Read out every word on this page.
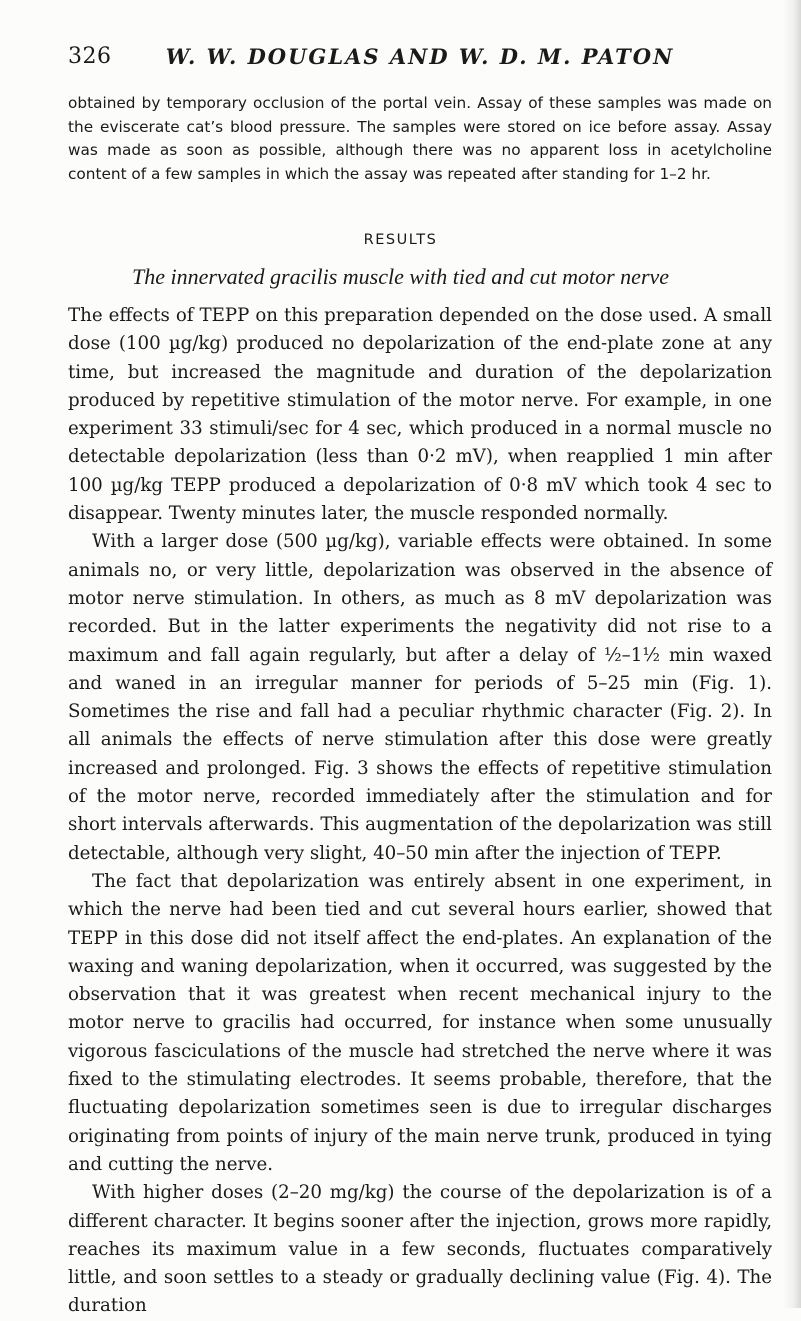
326	W. W. DOUGLAS AND W. D. M. PATON
obtained by temporary occlusion of the portal vein. Assay of these samples was made on the eviscerate cat’s blood pressure. The samples were stored on ice before assay. Assay was made as soon as possible, although there was no apparent loss in acetylcholine content of a few samples in which the assay was repeated after standing for 1–2 hr.
RESULTS
The innervated gracilis muscle with tied and cut motor nerve

The effects of TEPP on this preparation depended on the dose used. A small dose (100 µg/kg) produced no depolarization of the end-plate zone at any time, but increased the magnitude and duration of the depolarization produced by repetitive stimulation of the motor nerve. For example, in one experiment 33 stimuli/sec for 4 sec, which produced in a normal muscle no detectable depolarization (less than 0·2 mV), when reapplied 1 min after 100 µg/kg TEPP produced a depolarization of 0·8 mV which took 4 sec to disappear. Twenty minutes later, the muscle responded normally.

With a larger dose (500 µg/kg), variable effects were obtained. In some animals no, or very little, depolarization was observed in the absence of motor nerve stimulation. In others, as much as 8 mV depolarization was recorded. But in the latter experiments the negativity did not rise to a maximum and fall again regularly, but after a delay of ½–1½ min waxed and waned in an irregular manner for periods of 5–25 min (Fig. 1). Sometimes the rise and fall had a peculiar rhythmic character (Fig. 2). In all animals the effects of nerve stimulation after this dose were greatly increased and prolonged. Fig. 3 shows the effects of repetitive stimulation of the motor nerve, recorded immediately after the stimulation and for short intervals afterwards. This augmentation of the depolarization was still detectable, although very slight, 40–50 min after the injection of TEPP.

The fact that depolarization was entirely absent in one experiment, in which the nerve had been tied and cut several hours earlier, showed that TEPP in this dose did not itself affect the end-plates. An explanation of the waxing and waning depolarization, when it occurred, was suggested by the observation that it was greatest when recent mechanical injury to the motor nerve to gracilis had occurred, for instance when some unusually vigorous fasciculations of the muscle had stretched the nerve where it was fixed to the stimulating electrodes. It seems probable, therefore, that the fluctuating depolarization sometimes seen is due to irregular discharges originating from points of injury of the main nerve trunk, produced in tying and cutting the nerve.

With higher doses (2–20 mg/kg) the course of the depolarization is of a different character. It begins sooner after the injection, grows more rapidly, reaches its maximum value in a few seconds, fluctuates comparatively little, and soon settles to a steady or gradually declining value (Fig. 4). The duration
